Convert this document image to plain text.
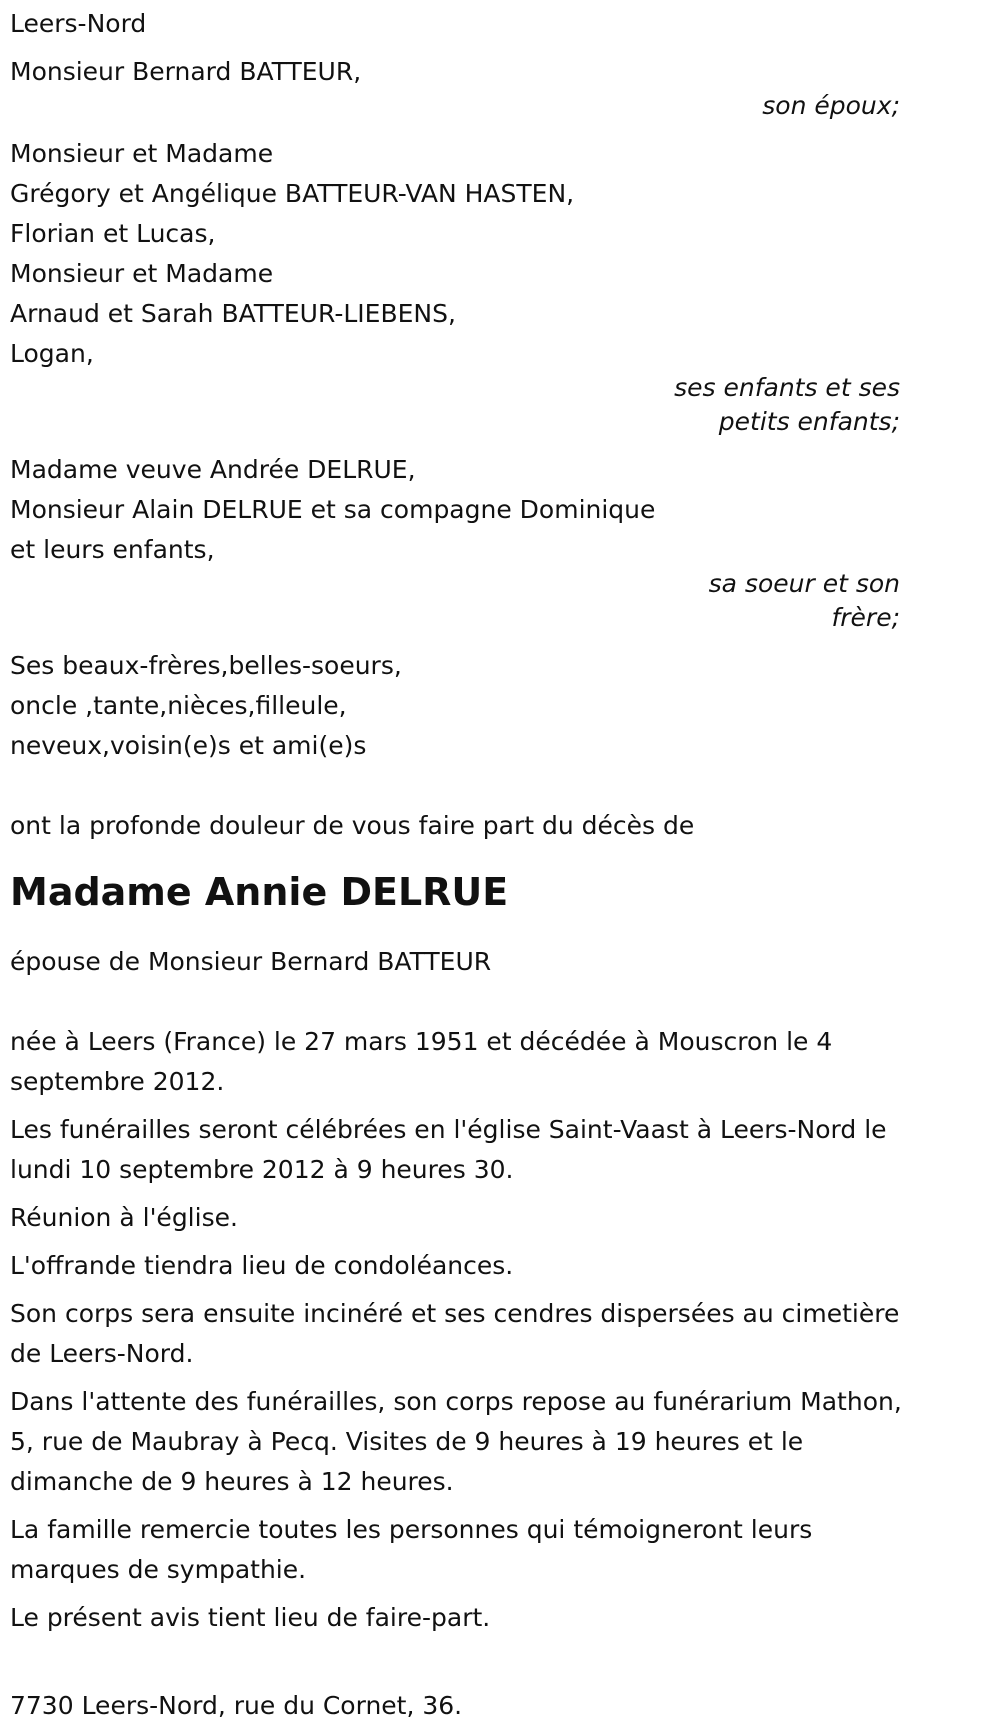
Leers-Nord
Monsieur Bernard BATTEUR,
son époux;
Monsieur et Madame
Grégory et Angélique BATTEUR-VAN HASTEN,
Florian et Lucas,
Monsieur et Madame
Arnaud et Sarah BATTEUR-LIEBENS,
Logan,
ses enfants et ses
petits enfants;
Madame veuve Andrée DELRUE,
Monsieur Alain DELRUE et sa compagne Dominique
et leurs enfants,
sa soeur et son
frère;
Ses beaux-frères,belles-soeurs,
oncle ,tante,nièces,filleule,
neveux,voisin(e)s et ami(e)s
ont la profonde douleur de vous faire part du décès de
Madame Annie DELRUE
épouse de Monsieur Bernard BATTEUR
née à Leers (France) le 27 mars 1951 et décédée à Mouscron le 4 septembre 2012.
Les funérailles seront célébrées en l'église Saint-Vaast à Leers-Nord le lundi 10 septembre 2012 à 9 heures 30.
Réunion à l'église.
L'offrande tiendra lieu de condoléances.
Son corps sera ensuite incinéré et ses cendres dispersées au cimetière de Leers-Nord.
Dans l'attente des funérailles, son corps repose au funérarium Mathon, 5, rue de Maubray à Pecq. Visites de 9 heures à 19 heures et le dimanche de 9 heures à 12 heures.
La famille remercie toutes les personnes qui témoigneront leurs marques de sympathie.
Le présent avis tient lieu de faire-part.
7730 Leers-Nord, rue du Cornet, 36.
